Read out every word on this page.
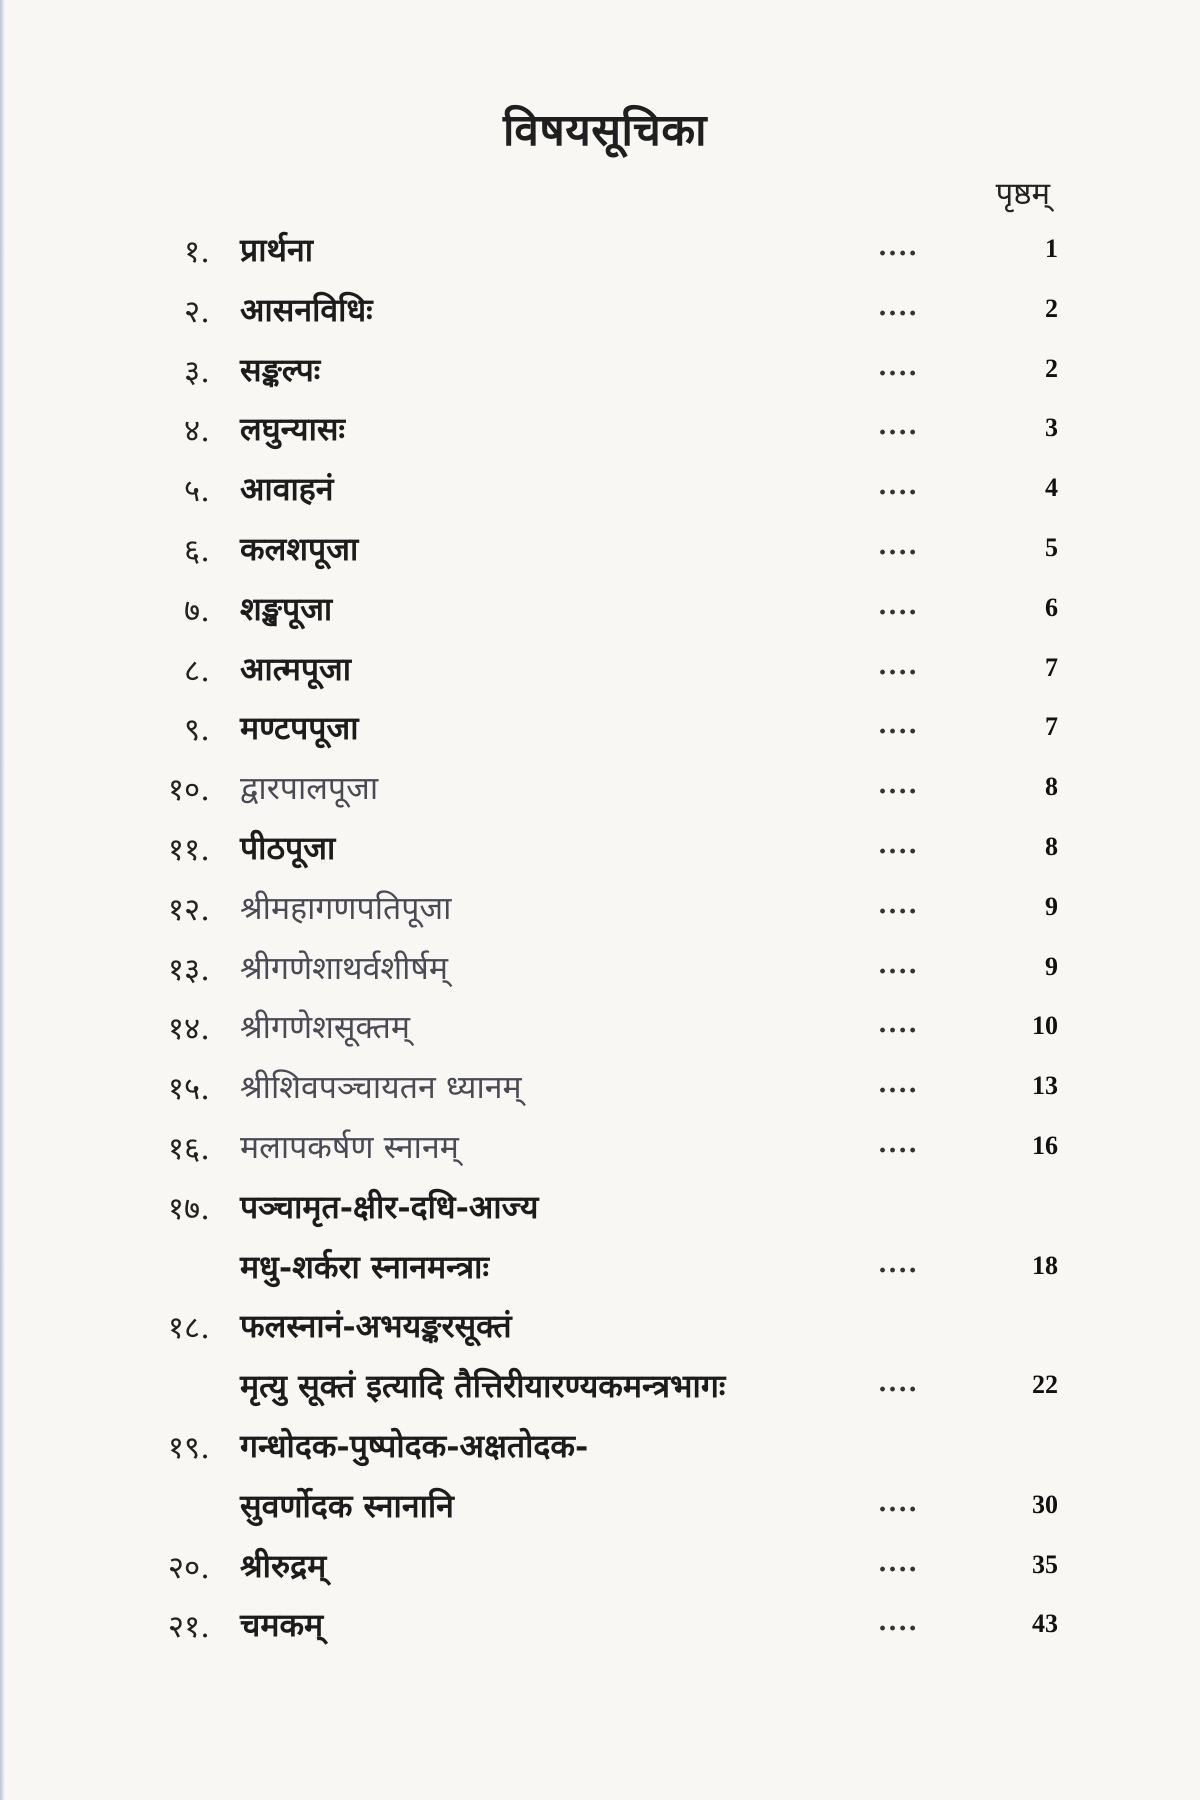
विषयसूचिका
पृष्ठम्
१. प्रार्थना	....	1
२. आसनविधिः	....	2
३. सङ्कल्पः	....	2
४. लघुन्यासः	....	3
५. आवाहनं	....	4
६. कलशपूजा	....	5
७. शङ्खपूजा	....	6
८. आत्मपूजा	....	7
९. मण्टपपूजा	....	7
१०. द्वारपालपूजा	....	8
११. पीठपूजा	....	8
१२. श्रीमहागणपतिपूजा	....	9
१३. श्रीगणेशाथर्वशीर्षम्	....	9
१४. श्रीगणेशसूक्तम्	....	10
१५. श्रीशिवपञ्चायतन ध्यानम्	....	13
१६. मलापकर्षण स्नानम्	....	16
१७. पञ्चामृत-क्षीर-दधि-आज्य
मधु-शर्करा स्नानमन्त्राः	....	18
१८. फलस्नानं-अभयङ्करसूक्तं
मृत्यु सूक्तं इत्यादि तैत्तिरीयारण्यकमन्त्रभागः	....	22
१९. गन्धोदक-पुष्पोदक-अक्षतोदक-
सुवर्णोदक स्नानानि	....	30
२०. श्रीरुद्रम्	....	35
२१. चमकम्	....	43
